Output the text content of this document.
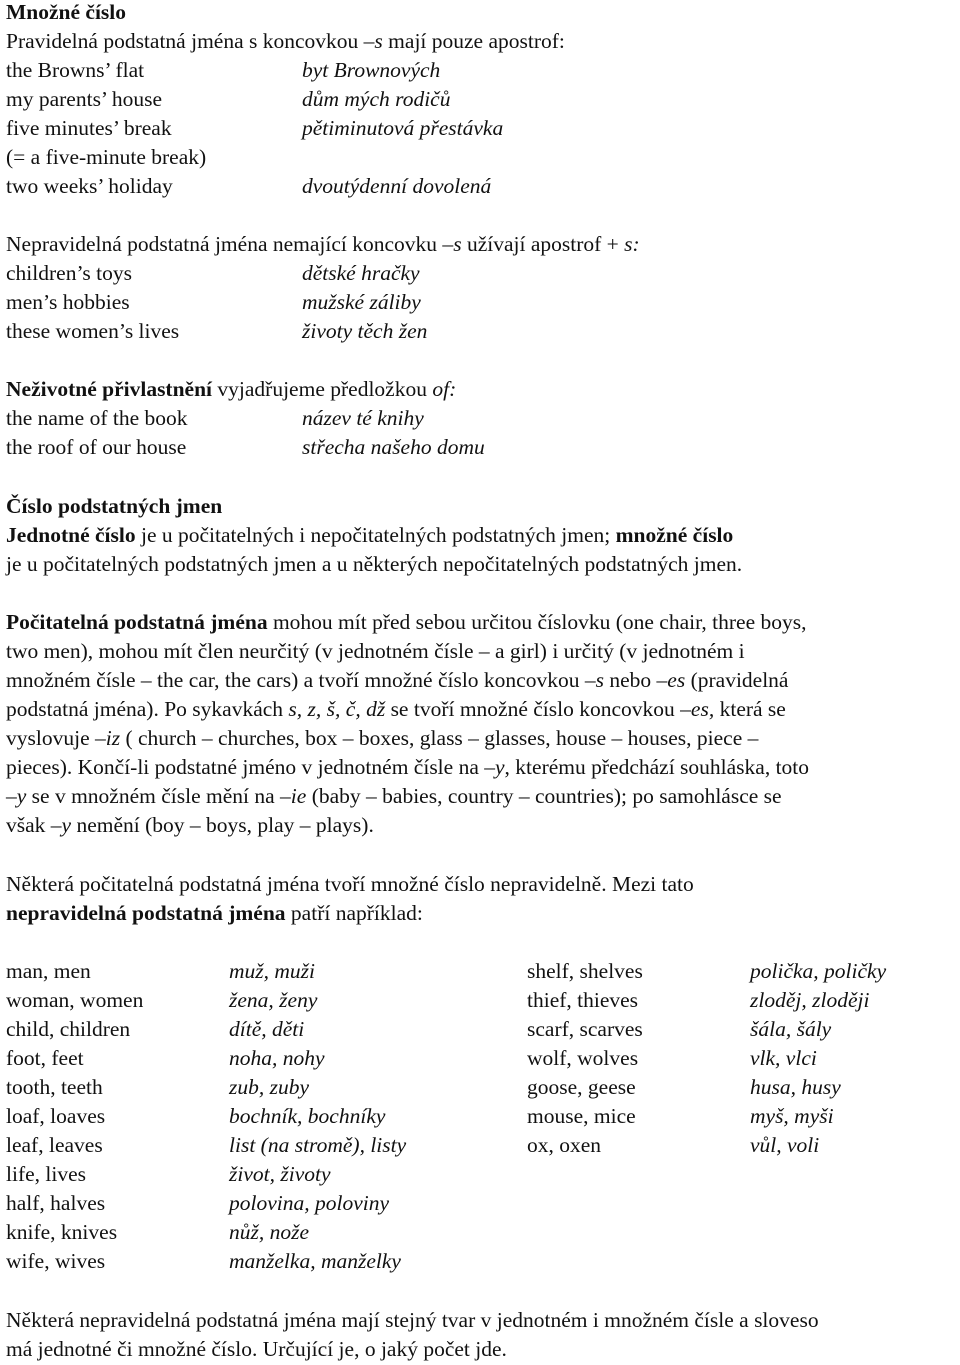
Množné číslo
Pravidelná podstatná jména s koncovkou –s mají pouze apostrof:
the Browns’ flat	byt Brownových
my parents’ house	dům mých rodičů
five minutes’ break	pětiminutová přestávka
(= a five-minute break)
two weeks’ holiday	dvoutýdenní dovolená
Nepravidelná podstatná jména nemající koncovku –s užívají apostrof + s:
children’s toys	dětské hračky
men’s hobbies	mužské záliby
these women’s lives	životy těch žen
Neživotné přivlastnění vyjadřujeme předložkou of:
the name of the book	název té knihy
the roof of our house	střecha našeho domu
Číslo podstatných jmen
Jednotné číslo je u počitatelných i nepočitatelných podstatných jmen; množné číslo
je u počitatelných podstatných jmen a u některých nepočitatelných podstatných jmen.
Počitatelná podstatná jména mohou mít před sebou určitou číslovku (one chair, three boys,
two men), mohou mít člen neurčitý (v jednotném čísle – a girl) i určitý (v jednotném i
množném čísle – the car, the cars) a tvoří množné číslo koncovkou –s nebo –es (pravidelná
podstatná jména). Po sykavkách s, z, š, č, dž se tvoří množné číslo koncovkou –es, která se
vyslovuje –iz ( church – churches, box – boxes, glass – glasses, house – houses, piece –
pieces). Končí-li podstatné jméno v jednotném čísle na –y, kterému předchází souhláska, toto
–y se v množném čísle mění na –ie (baby – babies, country – countries); po samohlásce se
však –y nemění (boy – boys, play – plays).
Některá počitatelná podstatná jména tvoří množné číslo nepravidelně. Mezi tato
nepravidelná podstatná jména patří například:
man, men	muž, muži	shelf, shelves	polička, poličky
woman, women	žena, ženy	thief, thieves	zloděj, zloději
child, children	dítě, děti	scarf, scarves	šála, šály
foot, feet	noha, nohy	wolf, wolves	vlk, vlci
tooth, teeth	zub, zuby	goose, geese	husa, husy
loaf, loaves	bochník, bochníky	mouse, mice	myš, myši
leaf, leaves	list (na stromě), listy	ox, oxen	vůl, voli
life, lives	život, životy
half, halves	polovina, poloviny
knife, knives	nůž, nože
wife, wives	manželka, manželky
Některá nepravidelná podstatná jména mají stejný tvar v jednotném i množném čísle a sloveso
má jednotné či množné číslo. Určující je, o jaký počet jde.
